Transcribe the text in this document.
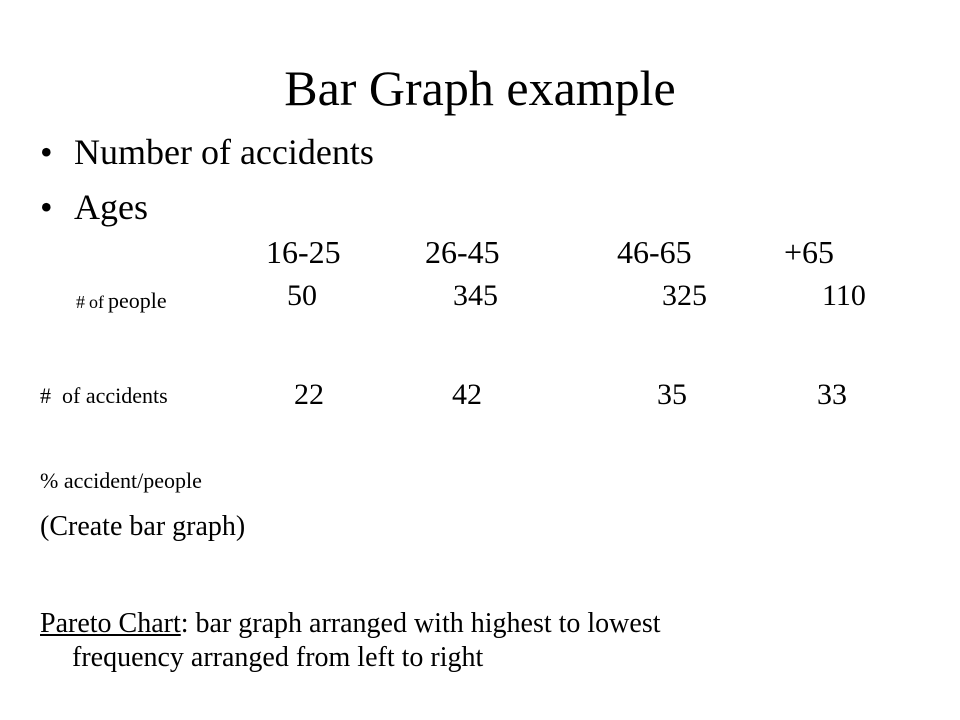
Bar Graph example
• Number of accidents
• Ages
16-25	26-45	46-65	+65
# of people	50	345	325	110
#  of accidents	22	42	35	33
% accident/people
(Create bar graph)
Pareto Chart: bar graph arranged with highest to lowest
frequency arranged from left to right
